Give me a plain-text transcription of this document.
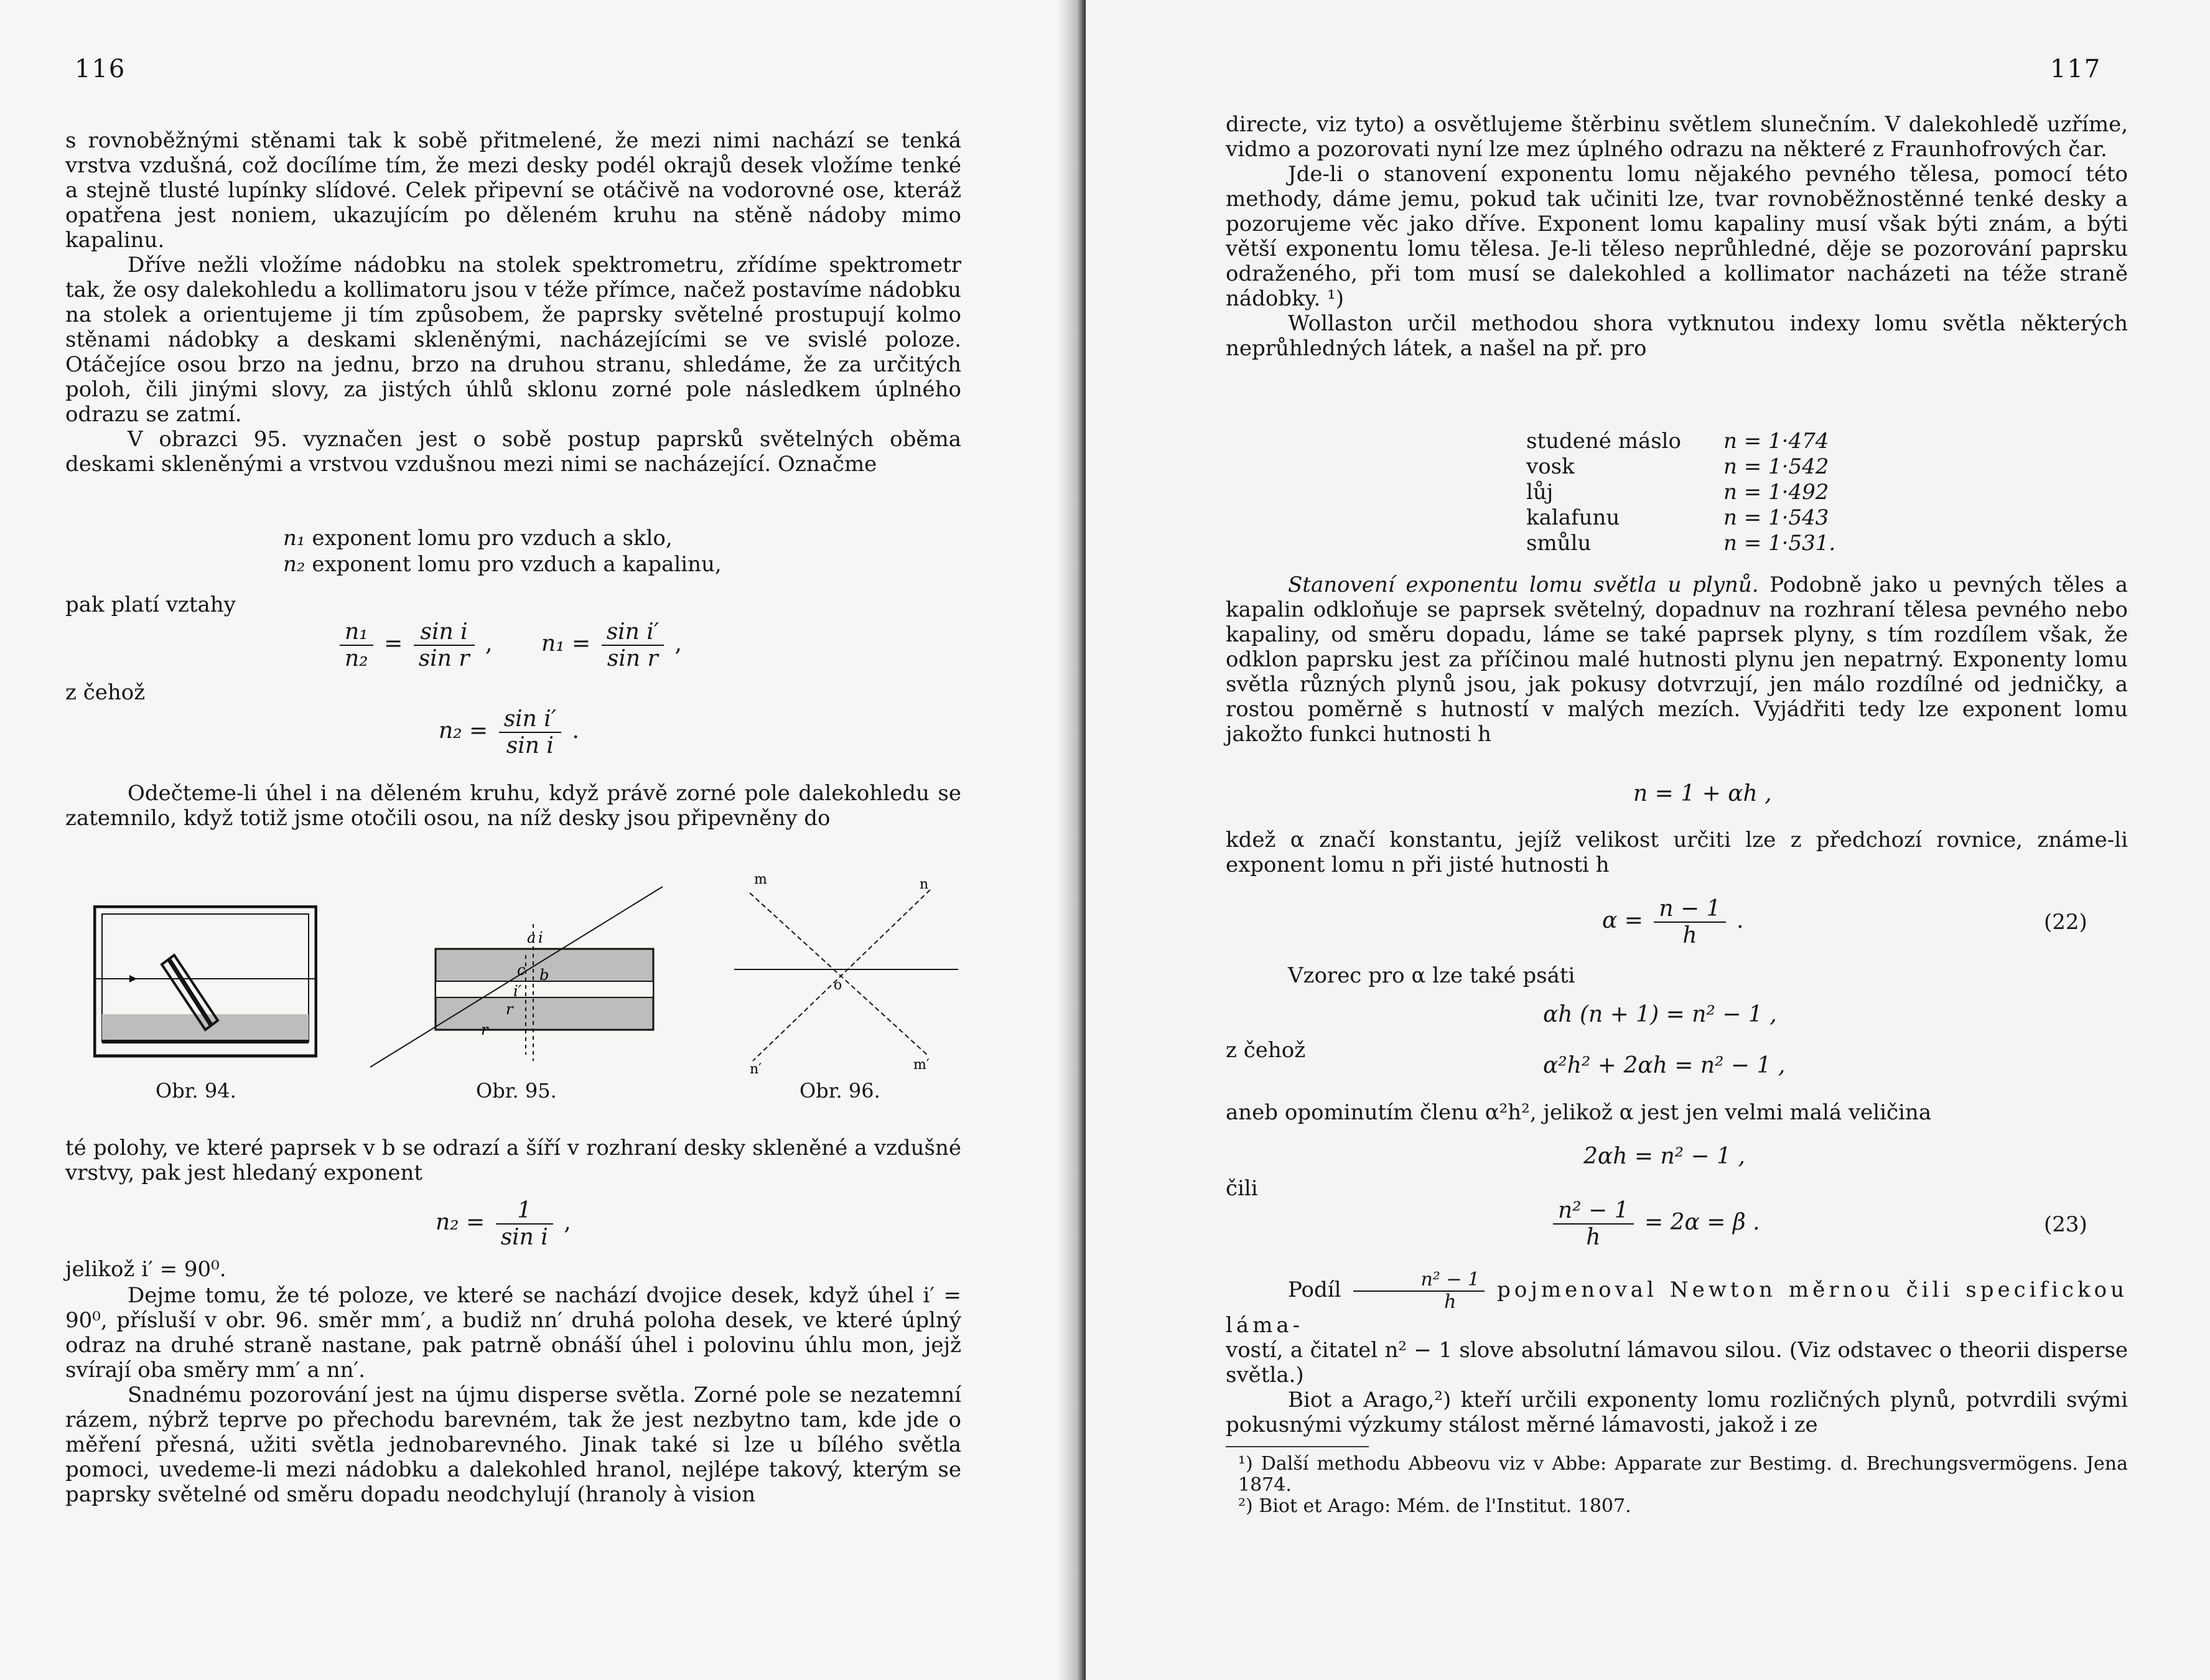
116

s rovnoběžnými stěnami tak k sobě přitmelené, že mezi nimi nachází se tenká vrstva vzdušná, což docílíme tím, že mezi desky podél okrajů desek vložíme tenké a stejně tlusté lupínky slídové. Celek připevní se otáčivě na vodorovné ose, kteráž opatřena jest noniem, ukazujícím po děleném kruhu na stěně nádoby mimo kapalinu.

Dříve nežli vložíme nádobku na stolek spektrometru, zřídíme spektrometr tak, že osy dalekohledu a kollimatoru jsou v téže přímce, načež postavíme nádobku na stolek a orientujeme ji tím způsobem, že paprsky světelné prostupují kolmo stěnami nádobky a deskami skleněnými, nacházejícími se ve svislé poloze. Otáčejíce osou brzo na jednu, brzo na druhou stranu, shledáme, že za určitých poloh, čili jinými slovy, za jistých úhlů sklonu zorné pole následkem úplného odrazu se zatmí.

V obrazci 95. vyznačen jest o sobě postup paprsků světelných oběma deskami skleněnými a vrstvou vzdušnou mezi nimi se nacházející. Označme

n₁ exponent lomu pro vzduch a sklo,
n₂ exponent lomu pro vzduch a kapalinu,
pak platí vztahy
$\frac{\text{n₁}}{\text{n₂}} = \frac{\text{sin i}}{\text{sin r}}$ , $n_1 = \frac{\text{sin i′}}{\text{sin r}}$ ,
z čehož
$n_2 = \frac{\text{sin i′}}{\text{sin i}}$ .

Odečteme-li úhel i na děleném kruhu, když právě zorné pole dalekohledu se zatemnilo, když totiž jsme otočili osou, na níž desky jsou připevněny do

a i
b
c
r
i′
r
m	n
o
n′	m′
Obr. 94.	Obr. 95.	Obr. 96.

té polohy, ve které paprsek v b se odrazí a šíří v rozhraní desky skleněné a vzdušné vrstvy, pak jest hledaný exponent

$n_2 = \frac{1}{\text{sin i}}$ ,
jelikož i′ = 90⁰.

Dejme tomu, že té poloze, ve které se nachází dvojice desek, když úhel i′ = 90⁰, přísluší v obr. 96. směr mm′, a budiž nn′ druhá poloha desek, ve které úplný odraz na druhé straně nastane, pak patrně obnáší úhel i polovinu úhlu mon, jejž svírají oba směry mm′ a nn′.

Snadnému pozorování jest na újmu disperse světla. Zorné pole se nezatemní rázem, nýbrž teprve po přechodu barevném, tak že jest nezbytno tam, kde jde o měření přesná, užiti světla jednobarevného. Jinak také si lze u bílého světla pomoci, uvedeme-li mezi nádobku a dalekohled hranol, nejlépe takový, kterým se paprsky světelné od směru dopadu neodchylují (hranoly à vision

117

directe, viz tyto) a osvětlujeme štěrbinu světlem slunečním. V dalekohledě uzříme, vidmo a pozorovati nyní lze mez úplného odrazu na některé z Fraunhofrových čar.

Jde-li o stanovení exponentu lomu nějakého pevného tělesa, pomocí této methody, dáme jemu, pokud tak učiniti lze, tvar rovnoběžnostěnné tenké desky a pozorujeme věc jako dříve. Exponent lomu kapaliny musí však býti znám, a býti větší exponentu lomu tělesa. Je-li těleso neprůhledné, děje se pozorování paprsku odraženého, při tom musí se dalekohled a kollimator nacházeti na téže straně nádobky. ¹)

Wollaston určil methodou shora vytknutou indexy lomu světla některých neprůhledných látek, a našel na př. pro

studené máslo	n = 1·474
vosk	n = 1·542
lůj	n = 1·492
kalafunu	n = 1·543
smůlu	n = 1·531.

Stanovení exponentu lomu světla u plynů. Podobně jako u pevných těles a kapalin odkloňuje se paprsek světelný, dopadnuv na rozhraní tělesa pevného nebo kapaliny, od směru dopadu, láme se také paprsek plyny, s tím rozdílem však, že odklon paprsku jest za příčinou malé hutnosti plynu jen nepatrný. Exponenty lomu světla různých plynů jsou, jak pokusy dotvrzují, jen málo rozdílné od jedničky, a rostou poměrně s hutností v malých mezích. Vyjádřiti tedy lze exponent lomu jakožto funkci hutnosti h

n = 1 + αh ,

kdež α značí konstantu, jejíž velikost určiti lze z předchozí rovnice, známe-li exponent lomu n při jisté hutnosti h

$\alpha = \frac{n - 1}{h}$ .	(22)
Vzorec pro α lze také psáti
αh (n + 1) = n² − 1 ,
z čehož
α²h² + 2αh = n² − 1 ,

aneb opominutím členu α²h², jelikož α jest jen velmi malá veličina

2αh = n² − 1 ,
čili
$\frac{\text{n² − 1}}{h} = 2\alpha = \beta$ .	(23)

Podíl $\frac{\text{n² − 1}}{h}$ pojmenoval Newton měrnou čili specifickou láma-

vostí, a čitatel n² − 1 slove absolutní lámavou silou. (Viz odstavec o theorii disperse světla.)

Biot a Arago,²) kteří určili exponenty lomu rozličných plynů, potvrdili svými pokusnými výzkumy stálost měrné lámavosti, jakož i ze

¹) Další methodu Abbeovu viz v Abbe: Apparate zur Bestimg. d. Brechungsvermögens. Jena 1874.

²) Biot et Arago: Mém. de l'Institut. 1807.
